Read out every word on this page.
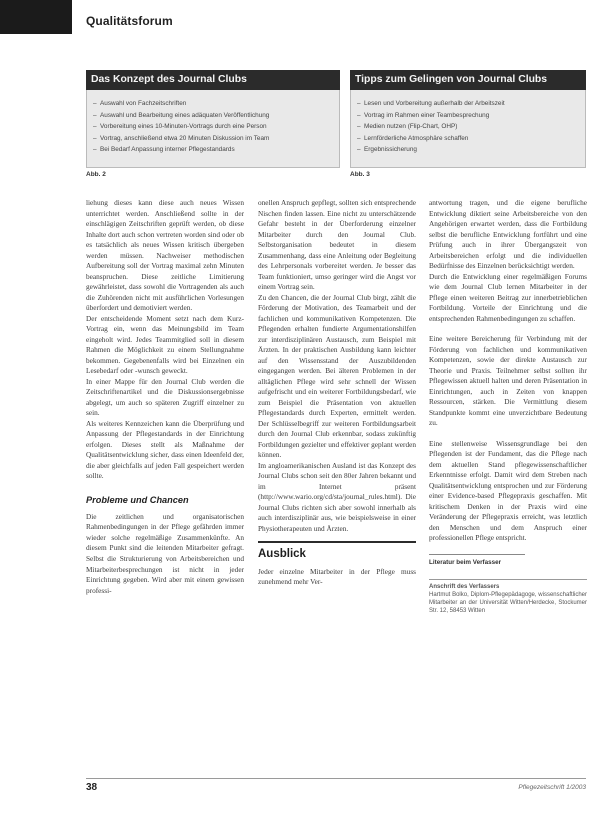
Qualitätsforum
Das Konzept des Journal Clubs
– Auswahl von Fachzeitschriften
– Auswahl und Bearbeitung eines adäquaten Veröffentlichung
– Vorbereitung eines 10-Minuten-Vortrags durch eine Person
– Vortrag, anschließend etwa 20 Minuten Diskussion im Team
– Bei Bedarf Anpassung interner Pflegestandards
Abb. 2
Tipps zum Gelingen von Journal Clubs
– Lesen und Vorbereitung außerhalb der Arbeitszeit
– Vortrag im Rahmen einer Teambesprechung
– Medien nutzen (Flip-Chart, OHP)
– Lernförderliche Atmosphäre schaffen
– Ergebnissicherung
Abb. 3

liehung dieses kann diese auch neues Wissen unterrichtet werden. Anschließend sollte in der einschlägigen Zeitschriften geprüft werden, ob diese Inhalte dort auch schon vertreten worden sind oder ob es tatsächlich als neues Wissen kritisch übergeben werden müssen. Nachweiser methodischen Aufbereitung soll der Vortrag maximal zehn Minuten beanspruchen. Diese zeitliche Limitierung gewährleistet, dass sowohl die Vortragenden als auch die Zuhörenden nicht mit ausführlichen Vorlesungen überfordert und demotiviert werden.

Der entscheidende Moment setzt nach dem Kurz-Vortrag ein, wenn das Meinungsbild im Team eingeholt wird. Jedes Teammitglied soll in diesem Rahmen die Möglichkeit zu einem Stellungnahme bekommen. Gegebenenfalls wird bei Einzelnen ein Lesebedarf oder -wunsch geweckt.

In einer Mappe für den Journal Club werden die Zeitschriftenartikel und die Diskussionsergebnisse abgelegt, um auch so späteren Zugriff einzelner zu sein.

Als weiteres Kennzeichen kann die Überprüfung und Anpassung der Pflegestandards in der Einrichtung erfolgen. Dieses stellt als Maßnahme der Qualitätsentwicklung sicher, dass einen Ideenfeld der, die aber gleichfalls auf jeden Fall gespeichert werden sollte.

Probleme und Chancen

Die zeitlichen und organisatorischen Rahmenbedingungen in der Pflege gefährden immer wieder solche regelmäßige Zusammenkünfte. An diesem Punkt sind die leitenden Mitarbeiter gefragt. Selbst die Strukturierung von Arbeitsbereichen und Mitarbeiterbesprechungen ist nicht in jeder Einrichtung gegeben. Wird aber mit einem gewissen professi-

onellen Anspruch gepflegt, sollten sich entsprechende Nischen finden lassen. Eine nicht zu unterschätzende Gefahr besteht in der Überforderung einzelner Mitarbeiter durch den Journal Club. Selbstorganisation bedeutet in diesem Zusammenhang, dass eine Anleitung oder Begleitung des Lehrpersonals vorbereitet werden. Je besser das Team funktioniert, umso geringer wird die Angst vor einem Vortrag sein.

Zu den Chancen, die der Journal Club birgt, zählt die Förderung der Motivation, des Teamarbeit und der fachlichen und kommunikativen Kompetenzen. Die Pflegenden erhalten fundierte Argumentationshilfen zur interdisziplinären Austausch, zum Beispiel mit Ärzten. In der praktischen Ausbildung kann leichter auf den Wissensstand der Auszubildenden eingegangen werden. Bei älteren Problemen in der alltäglichen Pflege wird sehr schnell der Wissen aufgefrischt und ein weiterer Fortbildungsbedarf, wie zum Beispiel die Präsentation von aktuellen Pflegestandards durch Experten, ermittelt werden. Der Schlüsselbegriff zur weiteren Fortbildungsarbeit durch den Journal Club erkennbar, sodass zukünftig Fortbildungen gezielter und effektiver geplant werden können.

Im angloamerikanischen Ausland ist das Konzept des Journal Clubs schon seit den 80er Jahren bekannt und im Internet präsent (http://www.wario.org/cd/sta/journal_rules.html). Die Journal Clubs richten sich aber sowohl innerhalb als auch interdisziplinär aus, wie beispielsweise in einer Physiotherapeuten und Ärzten.

Ausblick

Jeder einzelne Mitarbeiter in der Pflege muss zunehmend mehr Ver-

antwortung tragen, und die eigene berufliche Entwicklung diktiert seine Arbeitsbereiche von den Angehörigen erwartet werden, dass die Fortbildung selbst die berufliche Entwicklung fortführt und eine Prüfung auch in ihrer Übergangszeit von Arbeitsbereichen erfolgt und die individuellen Bedürfnisse des Einzelnen berücksichtigt werden.

Durch die Entwicklung einer regelmäßigen Forums wie dem Journal Club lernen Mitarbeiter in der Pflege einen weiteren Beitrag zur innerbetrieblichen Fortbildung. Vorteile der Einrichtung und die entsprechenden Rahmenbedingungen zu schaffen.

Eine weitere Bereicherung für Verbindung mit der Förderung von fachlichen und kommunikativen Kompetenzen, sowie der direkte Austausch zur Theorie und Praxis. Teilnehmer selbst sollten ihr Pflegewissen aktuell halten und deren Präsentation in Einrichtungen, auch in Zeiten von knappen Ressourcen, stärken. Die Vermittlung diesem Standpunkte kommt eine unverzichtbare Bedeutung zu.

Eine stellenweise Wissensgrundlage bei den Pflegenden ist der Fundament, das die Pflege nach dem aktuellen Stand pflegewissenschaftlicher Erkenntnisse erfolgt. Damit wird dem Streben nach Qualitätsentwicklung entsprochen und zur Förderung einer Evidence-based Pflegepraxis geschaffen. Mit kritischem Denken in der Praxis wird eine Veränderung der Pflegepraxis erreicht, was letztlich den Menschen und dem Anspruch einer professionellen Pflege entspricht.

Literatur beim Verfasser
Anschrift des Verfassers
Hartmut Bolko, Diplom-Pflegepädagoge, wissenschaftlicher Mitarbeiter an der Universität Witten/Herdecke, Stockumer Str. 12, 58453 Witten
38	Pflegezeitschrift 1/2003
